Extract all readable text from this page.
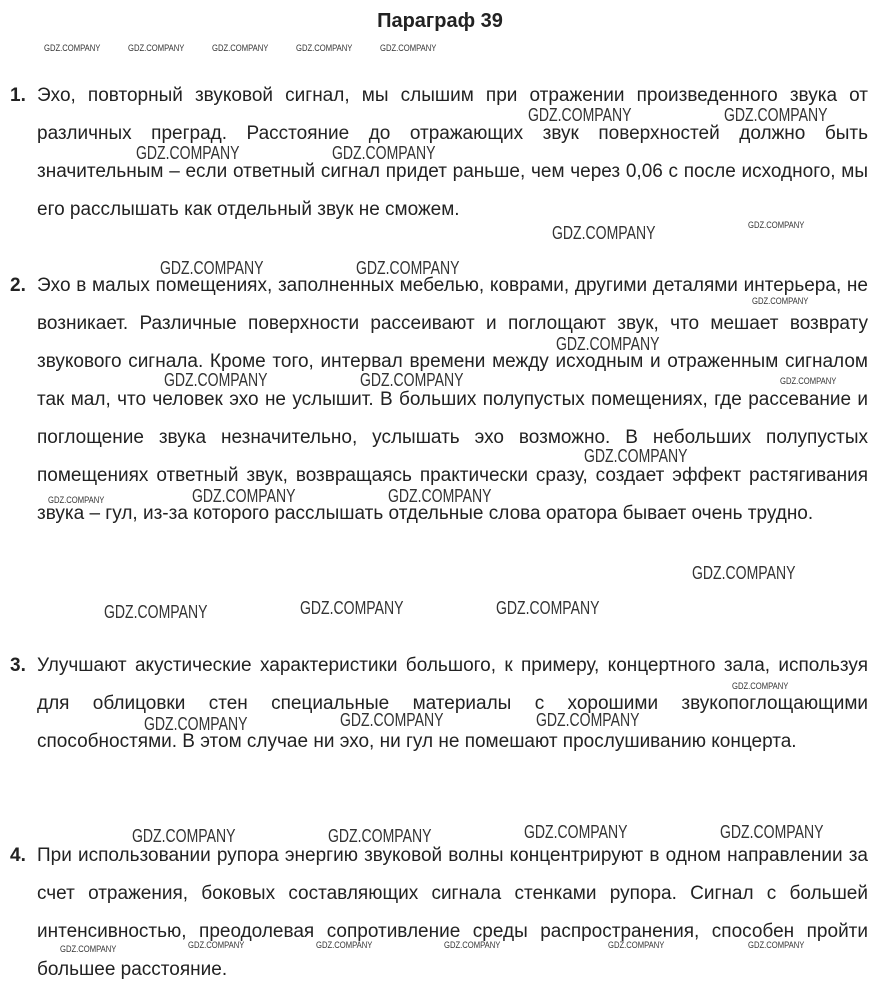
Параграф 39
1. Эхо, повторный звуковой сигнал, мы слышим при отражении произведенного звука от различных преград. Расстояние до отражающих звук поверхностей должно быть значительным – если ответный сигнал придет раньше, чем через 0,06 с после исходного, мы его расслышать как отдельный звук не сможем.
2. Эхо в малых помещениях, заполненных мебелью, коврами, другими деталями интерьера, не возникает. Различные поверхности рассеивают и поглощают звук, что мешает возврату звукового сигнала. Кроме того, интервал времени между исходным и отраженным сигналом так мал, что человек эхо не услышит. В больших полупустых помещениях, где рассевание и поглощение звука незначительно, услышать эхо возможно. В небольших полупустых помещениях ответный звук, возвращаясь практически сразу, создает эффект растягивания звука – гул, из-за которого расслышать отдельные слова оратора бывает очень трудно.
3. Улучшают акустические характеристики большого, к примеру, концертного зала, используя для облицовки стен специальные материалы с хорошими звукопоглощающими способностями. В этом случае ни эхо, ни гул не помешают прослушиванию концерта.
4. При использовании рупора энергию звуковой волны концентрируют в одном направлении за счет отражения, боковых составляющих сигнала стенками рупора. Сигнал с большей интенсивностью, преодолевая сопротивление среды распространения, способен пройти большее расстояние.
GDZ.COMPANY	GDZ.COMPANY	GDZ.COMPANY	GDZ.COMPANY	GDZ.COMPANY
GDZ.COMPANY	GDZ.COMPANY
GDZ.COMPANY	GDZ.COMPANY
GDZ.COMPANY	GDZ.COMPANY
GDZ.COMPANY	GDZ.COMPANY
GDZ.COMPANY
GDZ.COMPANY
GDZ.COMPANY	GDZ.COMPANY	GDZ.COMPANY
GDZ.COMPANY
GDZ.COMPANY	GDZ.COMPANY	GDZ.COMPANY
GDZ.COMPANY
GDZ.COMPANY	GDZ.COMPANY	GDZ.COMPANY
GDZ.COMPANY
GDZ.COMPANY	GDZ.COMPANY	GDZ.COMPANY
GDZ.COMPANY	GDZ.COMPANY	GDZ.COMPANY	GDZ.COMPANY
GDZ.COMPANY	GDZ.COMPANY	GDZ.COMPANY	GDZ.COMPANY	GDZ.COMPANY	GDZ.COMPANY
